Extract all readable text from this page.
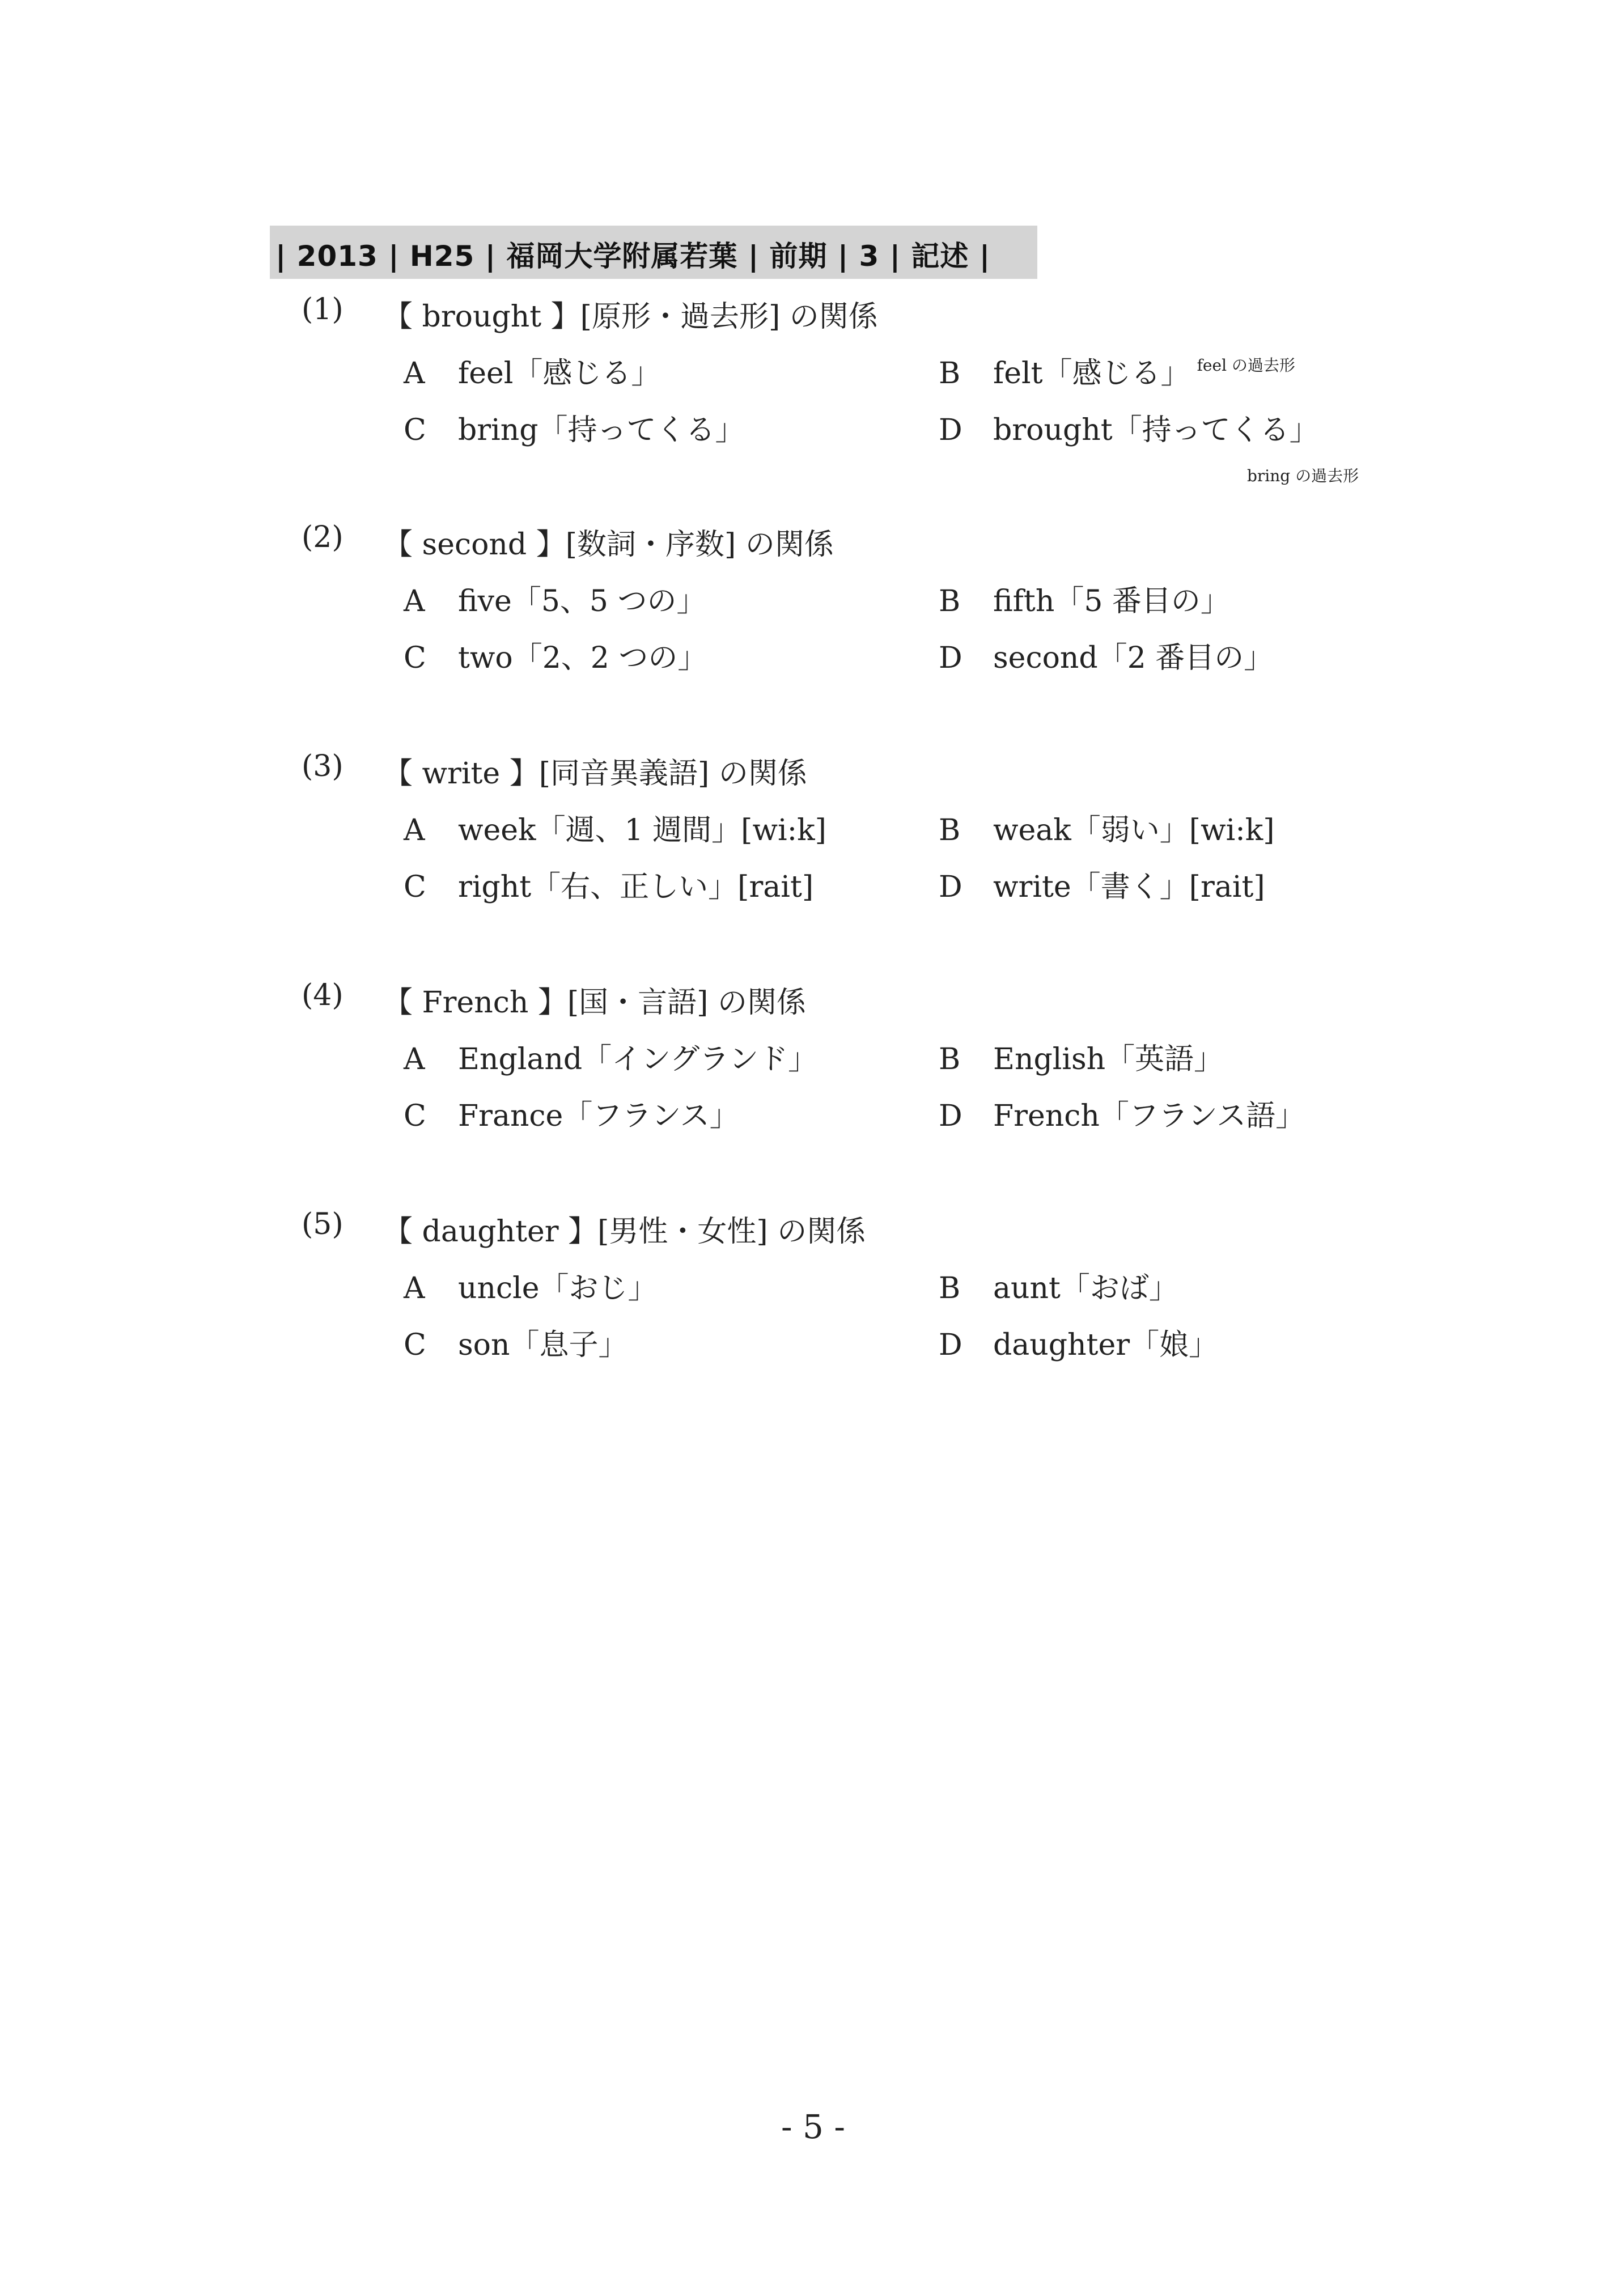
| 2013 | H25 | 福岡大学附属若葉 | 前期 | 3 | 記述 |
(1) 【 brought 】[原形・過去形] の関係
A feel「感じる」	B felt「感じる」 $^{feel の過去形}$
C bring「持ってくる」	D brought「持ってくる」
bring の過去形
(2) 【 second 】[数詞・序数] の関係
A five「5、5 つの」	B fifth「5 番目の」
C two「2、2 つの」	D second「2 番目の」
(3) 【 write 】[同音異義語] の関係
A week「週、1 週間」[wi:k]	B weak「弱い」[wi:k]
C right「右、正しい」[rait]	D write「書く」[rait]
(4) 【 French 】[国・言語] の関係
A England「イングランド」	B English「英語」
C France「フランス」	D French「フランス語」
(5) 【 daughter 】[男性・女性] の関係
A uncle「おじ」	B aunt「おば」
C son「息子」	D daughter「娘」
- 5 -
